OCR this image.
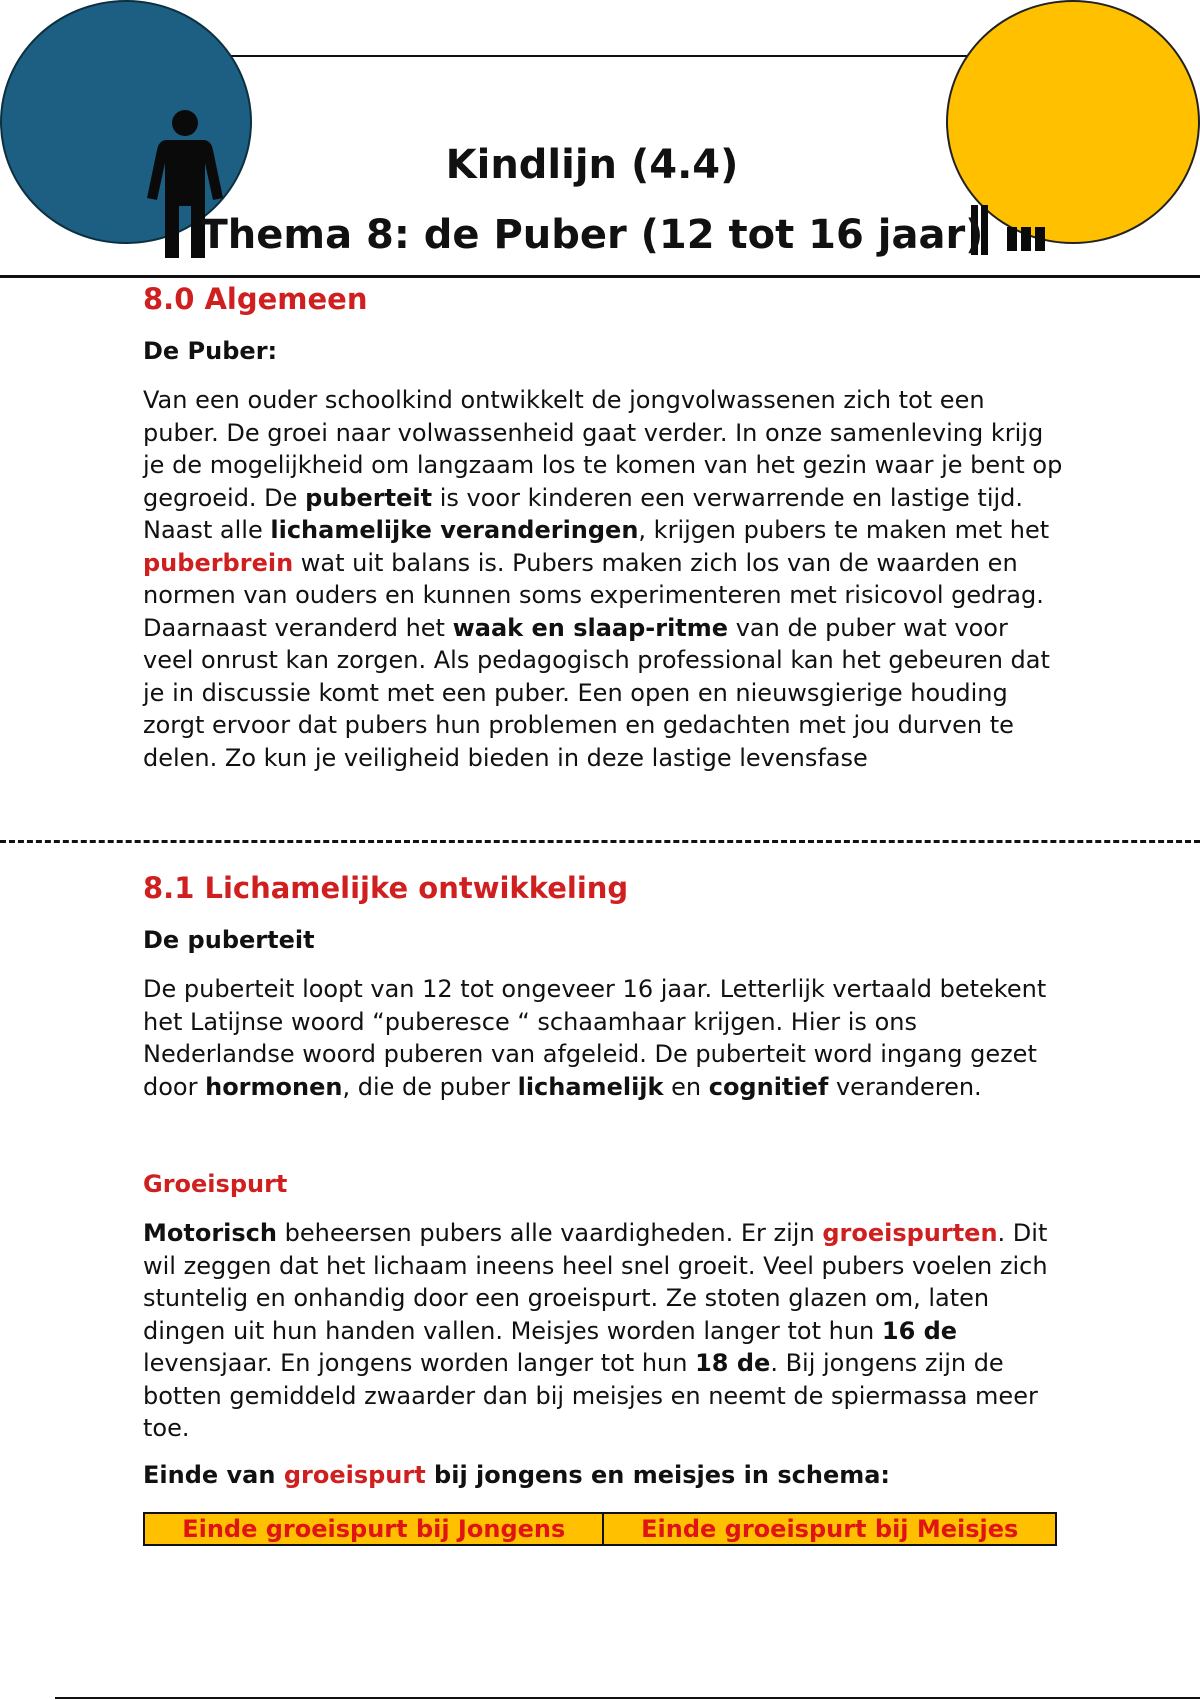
Kindlijn (4.4)
Thema 8: de Puber (12 tot 16 jaar)
8.0 Algemeen
De Puber:

Van een ouder schoolkind ontwikkelt de jongvolwassenen zich tot een puber. De groei naar volwassenheid gaat verder. In onze samenleving krijg je de mogelijkheid om langzaam los te komen van het gezin waar je bent op gegroeid. De puberteit is voor kinderen een verwarrende en lastige tijd. Naast alle lichamelijke veranderingen, krijgen pubers te maken met het puberbrein wat uit balans is. Pubers maken zich los van de waarden en normen van ouders en kunnen soms experimenteren met risicovol gedrag. Daarnaast veranderd het waak en slaap-ritme van de puber wat voor veel onrust kan zorgen. Als pedagogisch professional kan het gebeuren dat je in discussie komt met een puber. Een open en nieuwsgierige houding zorgt ervoor dat pubers hun problemen en gedachten met jou durven te delen. Zo kun je veiligheid bieden in deze lastige levensfase

8.1 Lichamelijke ontwikkeling
De puberteit

De puberteit loopt van 12 tot ongeveer 16 jaar. Letterlijk vertaald betekent het Latijnse woord “puberesce “ schaamhaar krijgen. Hier is ons Nederlandse woord puberen van afgeleid. De puberteit word ingang gezet door hormonen, die de puber lichamelijk en cognitief veranderen.

Groeispurt

Motorisch beheersen pubers alle vaardigheden. Er zijn groeispurten. Dit wil zeggen dat het lichaam ineens heel snel groeit. Veel pubers voelen zich stuntelig en onhandig door een groeispurt. Ze stoten glazen om, laten dingen uit hun handen vallen. Meisjes worden langer tot hun 16 de levensjaar. En jongens worden langer tot hun 18 de. Bij jongens zijn de botten gemiddeld zwaarder dan bij meisjes en neemt de spiermassa meer toe.

Einde van groeispurt bij jongens en meisjes in schema:

Einde groeispurt bij Jongens	Einde groeispurt bij Meisjes
